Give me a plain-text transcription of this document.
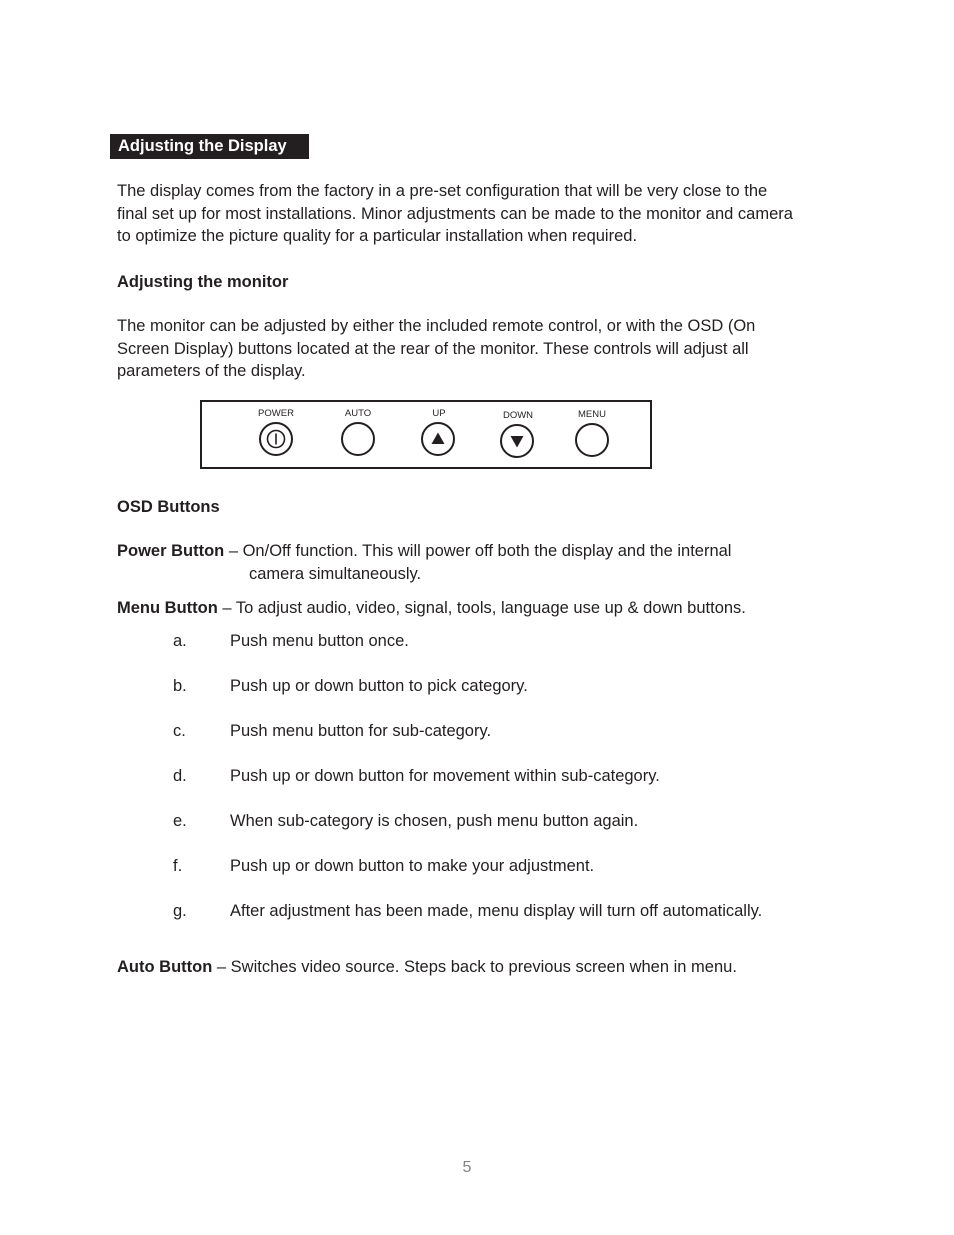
Adjusting the Display
The display comes from the factory in a pre-set configuration that will be very close to the
final set up for most installations. Minor adjustments can be made to the monitor and camera
to optimize the picture quality for a particular installation when required.
Adjusting the monitor
The monitor can be adjusted by either the included remote control, or with the OSD (On
Screen Display) buttons located at the rear of the monitor. These controls will adjust all
parameters of the display.
POWER	AUTO	UP	DOWN	MENU
OSD Buttons
Power Button – On/Off function. This will power off both the display and the internal
camera simultaneously.
Menu Button – To adjust audio, video, signal, tools, language use up & down buttons.
a.	Push menu button once.
b.	Push up or down button to pick category.
c.	Push menu button for sub-category.
d.	Push up or down button for movement within sub-category.
e.	When sub-category is chosen, push menu button again.
f.	Push up or down button to make your adjustment.
g.	After adjustment has been made, menu display will turn off automatically.
Auto Button – Switches video source. Steps back to previous screen when in menu.
5
